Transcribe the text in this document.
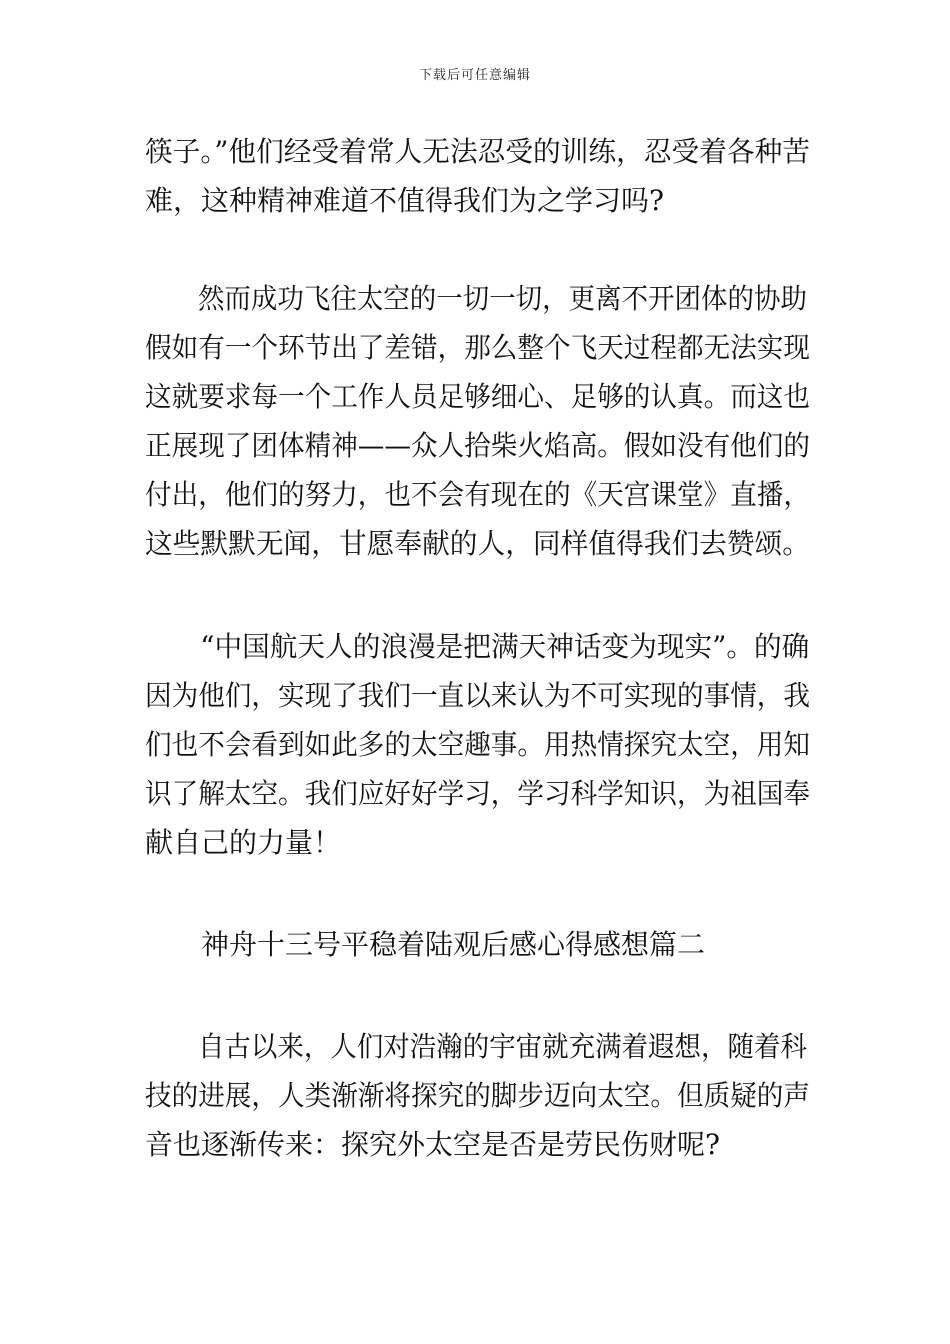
下载后可任意编辑
筷子。”他们经受着常人无法忍受的训练，忍受着各种苦
难，这种精神难道不值得我们为之学习吗?
然而成功飞往太空的一切一切，更离不开团体的协助
假如有一个环节出了差错，那么整个飞天过程都无法实现
这就要求每一个工作人员足够细心、足够的认真。而这也
正展现了团体精神——众人拾柴火焰高。假如没有他们的
付出，他们的努力，也不会有现在的《天宫课堂》直播，
这些默默无闻，甘愿奉献的人，同样值得我们去赞颂。
“中国航天人的浪漫是把满天神话变为现实”。的确
因为他们，实现了我们一直以来认为不可实现的事情，我
们也不会看到如此多的太空趣事。用热情探究太空，用知
识了解太空。我们应好好学习，学习科学知识，为祖国奉
献自己的力量！
神舟十三号平稳着陆观后感心得感想篇二
自古以来，人们对浩瀚的宇宙就充满着遐想，随着科
技的进展，人类渐渐将探究的脚步迈向太空。但质疑的声
音也逐渐传来：探究外太空是否是劳民伤财呢?
